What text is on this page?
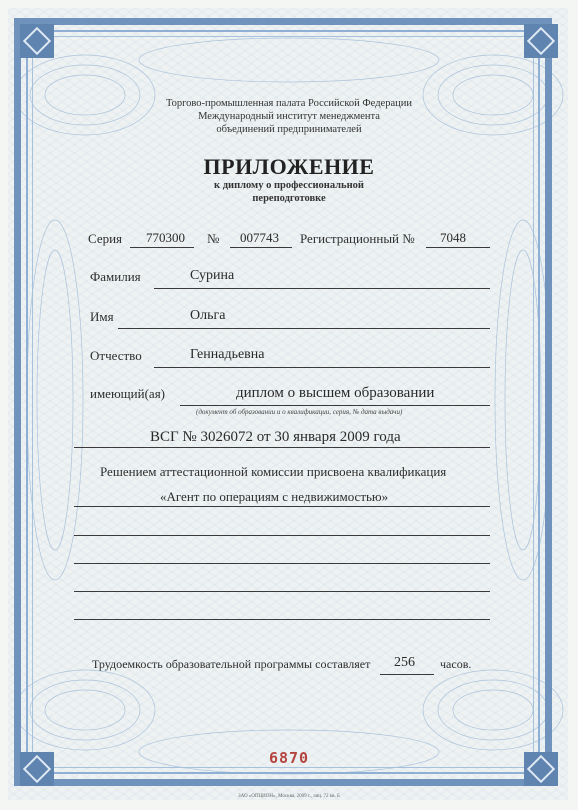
Торгово-промышленная палата Российской Федерации
Международный институт менеджмента
объединений предпринимателей
ПРИЛОЖЕНИЕ
к диплому о профессиональной
переподготовке
Серия 770300 № 007743 Регистрационный № 7048
Фамилия	Сурина
Имя	Ольга
Отчество	Геннадьевна
имеющий(ая)	диплом о высшем образовании
(документ об образовании и о квалификации, серия, № дата выдачи)
ВСГ № 3026072 от 30 января 2009 года
Решением аттестационной комиссии присвоена квалификация
«Агент по операциям с недвижимостью»
Трудоемкость образовательной программы составляет 256 часов.
6870
ЗАО «ОПЦИОН», Москва, 2009 г., лиц. 72 кв. Б
